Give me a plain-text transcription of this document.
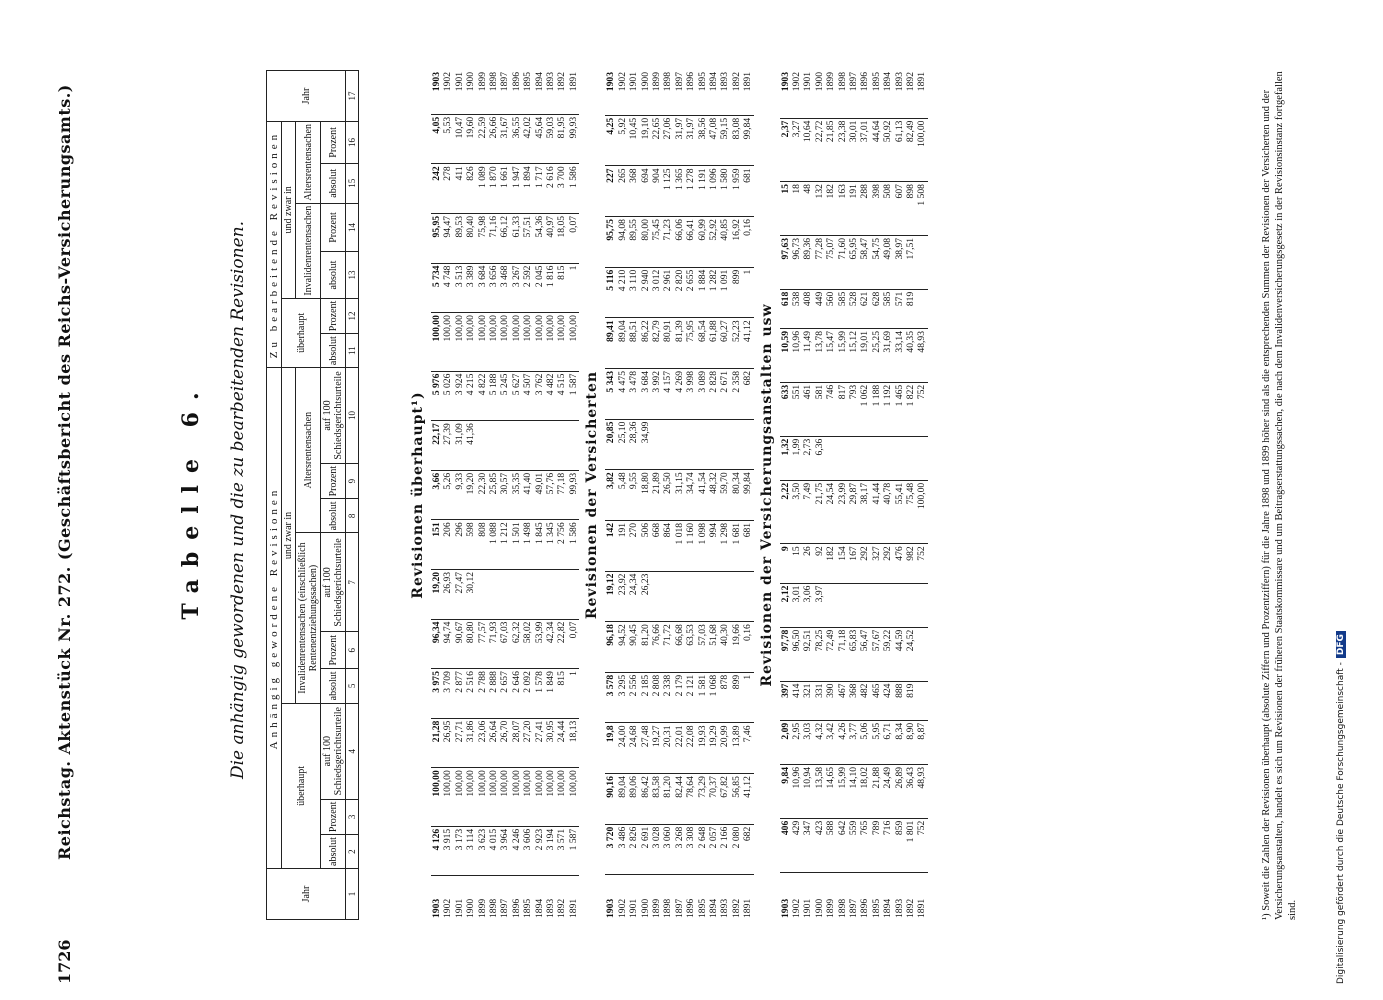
1726
Reichstag. Aktenstück Nr. 272. (Geschäftsbericht des Reichs-Versicherungsamts.)	Tabelle 6. Die anhängig gewordenen und die zu bearbeitenden Revisionen.
Jahr	Anhängig gewordene Revisionen									Zu bearbeitende Revisionen						Jahr
	überhaupt			und zwar in						überhaupt		und zwar in				
				Invalidenrentensachen (einschließlich Rentenentziehungssachen)			Altersrentensachen					Invalidenrentensachen		Altersrentensachen		
	absolut	Prozent	auf 100 Schiedsgerichtsurteile	absolut	Prozent	auf 100 Schiedsgerichtsurteile	absolut	Prozent	auf 100 Schiedsgerichtsurteile	absolut	Prozent	absolut	Prozent	absolut	Prozent	
1	2	3	4	5	6	7	8	9	10	11	12	13	14	15	16	17
Revisionen überhaupt¹)
1903	4 126	100,00	21,28	3 975	96,34	19,20	151	3,66	22,17	5 976	100,00	5 734	95,95	242	4,05	1903
1902	3 915	100,00	26,95	3 709	94,74	26,93	206	5,26	27,39	5 026	100,00	4 748	94,47	278	5,53	1902
1901	3 173	100,00	27,71	2 877	90,67	27,47	296	9,33	31,09	3 924	100,00	3 513	89,53	411	10,47	1901
1900	3 114	100,00	31,86	2 516	80,80	30,12	598	19,20	41,36	4 215	100,00	3 389	80,40	826	19,60	1900
1899	3 623	100,00	23,06	2 788	77,57		808	22,30		4 822	100,00	3 684	75,98	1 089	22,59	1899
1898	4 015	100,00	26,64	2 888	71,93		1 088	25,85		5 188	100,00	3 656	71,16	1 870	26,66	1898
1897	3 964	100,00	26,70	2 657	67,03		1 212	30,57		5 245	100,00	3 468	66,12	1 661	31,67	1897
1896	4 246	100,00	28,07	2 646	62,32		1 501	35,35		5 627	100,00	3 267	61,33	1 947	36,55	1896
1895	3 606	100,00	27,20	2 092	58,02		1 498	41,40		4 507	100,00	2 592	57,51	1 894	42,02	1895
1894	2 923	100,00	27,41	1 578	53,99		1 845	49,01		3 762	100,00	2 045	54,36	1 717	45,64	1894
1893	3 194	100,00	30,95	1 849	42,34		1 345	57,76		4 482	100,00	1 816	40,97	2 616	59,03	1893
1892	3 571	100,00	24,44	815	22,82		2 756	77,18		4 515	100,00	815	18,05	3 700	81,95	1892
1891	1 587	100,00	18,13	1	0,07		1 586	99,93		1 587	100,00	1	0,07	1 586	99,93	1891
Revisionen der Versicherten
1903	3 720	90,16	19,8	3 578	96,18	19,12	142	3,82	20,85	5 343	89,41	5 116	95,75	227	4,25	1903
1902	3 486	89,04	24,00	3 295	94,52	23,92	191	5,48	25,10	4 475	89,04	4 210	94,08	265	5,92	1902
1901	2 826	89,06	24,68	2 556	90,45	24,34	270	9,55	28,36	3 478	88,51	3 110	89,55	368	10,45	1901
1900	2 691	86,42	27,48	2 185	81,20	26,23	506	18,80	34,99	3 684	86,22	2 940	80,00	694	19,10	1900
1899	3 028	83,58	19,27	2 808	76,66		668	21,89		3 992	82,79	3 012	75,45	904	22,65	1899
1898	3 060	81,20	20,31	2 338	71,72		864	26,50		4 157	80,91	2 961	71,23	1 125	27,06	1898
1897	3 268	82,44	22,01	2 179	66,68		1 018	31,15		4 269	81,39	2 820	66,06	1 365	31,97	1897
1896	3 308	78,64	22,08	2 121	63,53		1 160	34,74		3 998	75,95	2 655	66,41	1 278	31,97	1896
1895	2 648	73,29	19,93	1 581	57,03		1 098	41,54		3 089	68,54	1 884	60,99	1 191	38,56	1895
1894	2 057	70,37	19,29	1 068	51,68		994	48,32		2 828	61,88	1 282	52,92	1 096	47,08	1894
1893	2 166	67,82	20,99	878	40,30		1 298	59,70		2 671	60,27	1 091	40,85	1 580	59,15	1893
1892	2 080	56,85	13,89	899	19,66		1 681	80,34		2 358	52,23	899	16,92	1 959	83,08	1892
1891	682	41,12	7,46	1	0,16		681	99,84		682	41,12	1	0,16	681	99,84	1891
Revisionen der Versicherungsanstalten usw
1903	406	9,84	2,09	397	97,78	2,12	9	2,22	1,32	633	10,59	618	97,63	15	2,37	1903
1902	429	10,96	2,95	414	96,50	3,01	15	3,50	1,99	551	10,96	538	96,73	18	3,27	1902
1901	347	10,94	3,03	321	92,51	3,06	26	7,49	2,73	461	11,49	408	89,36	48	10,64	1901
1900	423	13,58	4,32	331	78,25	3,97	92	21,75	6,36	581	13,78	449	77,28	132	22,72	1900
1899	588	14,65	3,42	390	72,49		182	24,54		746	15,47	560	75,07	182	21,85	1899
1898	642	15,99	4,26	467	71,18		154	23,99		817	15,99	585	71,60	163	23,38	1898
1897	559	14,10	3,77	368	65,83		167	29,87		793	15,12	528	65,95	191	30,01	1897
1896	765	18,02	5,06	482	56,47		292	38,17		1 062	19,01	621	58,47	288	37,01	1896
1895	789	21,88	5,95	465	57,67		327	41,44		1 188	25,25	628	54,75	398	44,64	1895
1894	716	24,49	6,71	424	59,22		292	40,78		1 192	31,69	585	49,08	508	50,92	1894
1893	859	26,89	8,34	888	44,59		476	55,41		1 465	33,14	571	38,97	607	61,13	1893
1892	1 801	36,43	8,90	819	24,52		982	75,48		1 822	40,35	819	17,51	898	82,49	1892
1891	752	48,93	8,87				752	100,00		752	48,93			1 508	100,00	1891
¹) Soweit die Zahlen der Revisionen überhaupt (absolute Ziffern und Prozentziffern) für die Jahre 1898 und 1899 höher sind als die entsprechenden Summen der Revisionen der Versicherten und der Versicherungsanstalten, handelt es sich um Revisionen der früheren Staatskommissare und um Beitragserstattungssachen, die nach dem Invalidenversicherungsgesetz in der Revisionsinstanz fortgefallen sind.	Digitalisierung gefördert durch die Deutsche Forschungsgemeinschaft -DFG
